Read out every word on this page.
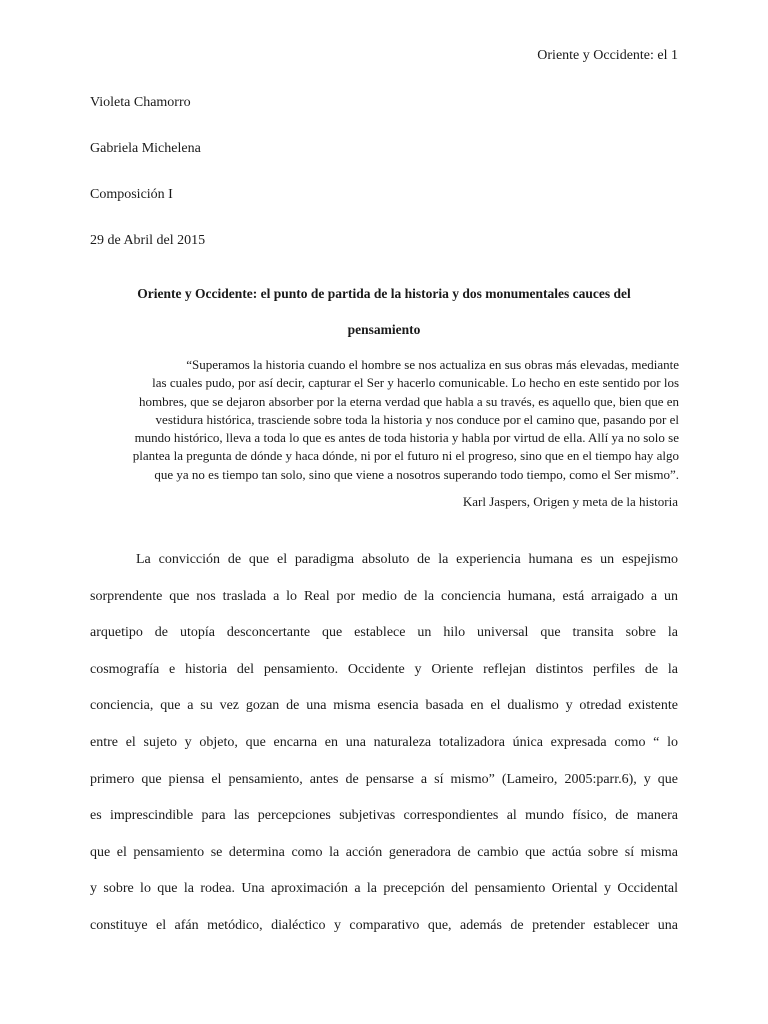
Oriente y Occidente: el 1
Violeta Chamorro
Gabriela Michelena
Composición I
29 de Abril del 2015
Oriente y Occidente: el punto de partida de la historia y dos monumentales cauces del
pensamiento
“Superamos la historia cuando el hombre se nos actualiza en sus obras más elevadas, mediante
las cuales pudo, por así decir, capturar el Ser y hacerlo comunicable. Lo hecho en este sentido por los
hombres, que se dejaron absorber por la eterna verdad que habla a su través, es aquello que, bien que en
vestidura histórica, trasciende sobre toda la historia y nos conduce por el camino que, pasando por el
mundo histórico, lleva a toda lo que es antes de toda historia y habla por virtud de ella. Allí ya no solo se
plantea la pregunta de dónde y haca dónde, ni por el futuro ni el progreso, sino que en el tiempo hay algo
que ya no es tiempo tan solo, sino que viene a nosotros superando todo tiempo, como el Ser mismo”.
Karl Jaspers, Origen y meta de la historia
La convicción de que el paradigma absoluto de la experiencia humana es un espejismo
sorprendente que nos traslada a lo Real por medio de la conciencia humana, está arraigado a un
arquetipo de utopía desconcertante que establece un hilo universal que transita sobre la
cosmografía e historia del pensamiento. Occidente y Oriente reflejan distintos perfiles de la
conciencia, que a su vez gozan de una misma esencia basada en el dualismo y otredad existente
entre el sujeto y objeto, que encarna en una naturaleza totalizadora única expresada como “ lo
primero que piensa el pensamiento, antes de pensarse a sí mismo” (Lameiro, 2005:parr.6), y que
es imprescindible para las percepciones subjetivas correspondientes al mundo físico, de manera
que el pensamiento se determina como la acción generadora de cambio que actúa sobre sí misma
y sobre lo que la rodea. Una aproximación a la precepción del pensamiento Oriental y Occidental
constituye el afán metódico, dialéctico y comparativo que, además de pretender establecer una
